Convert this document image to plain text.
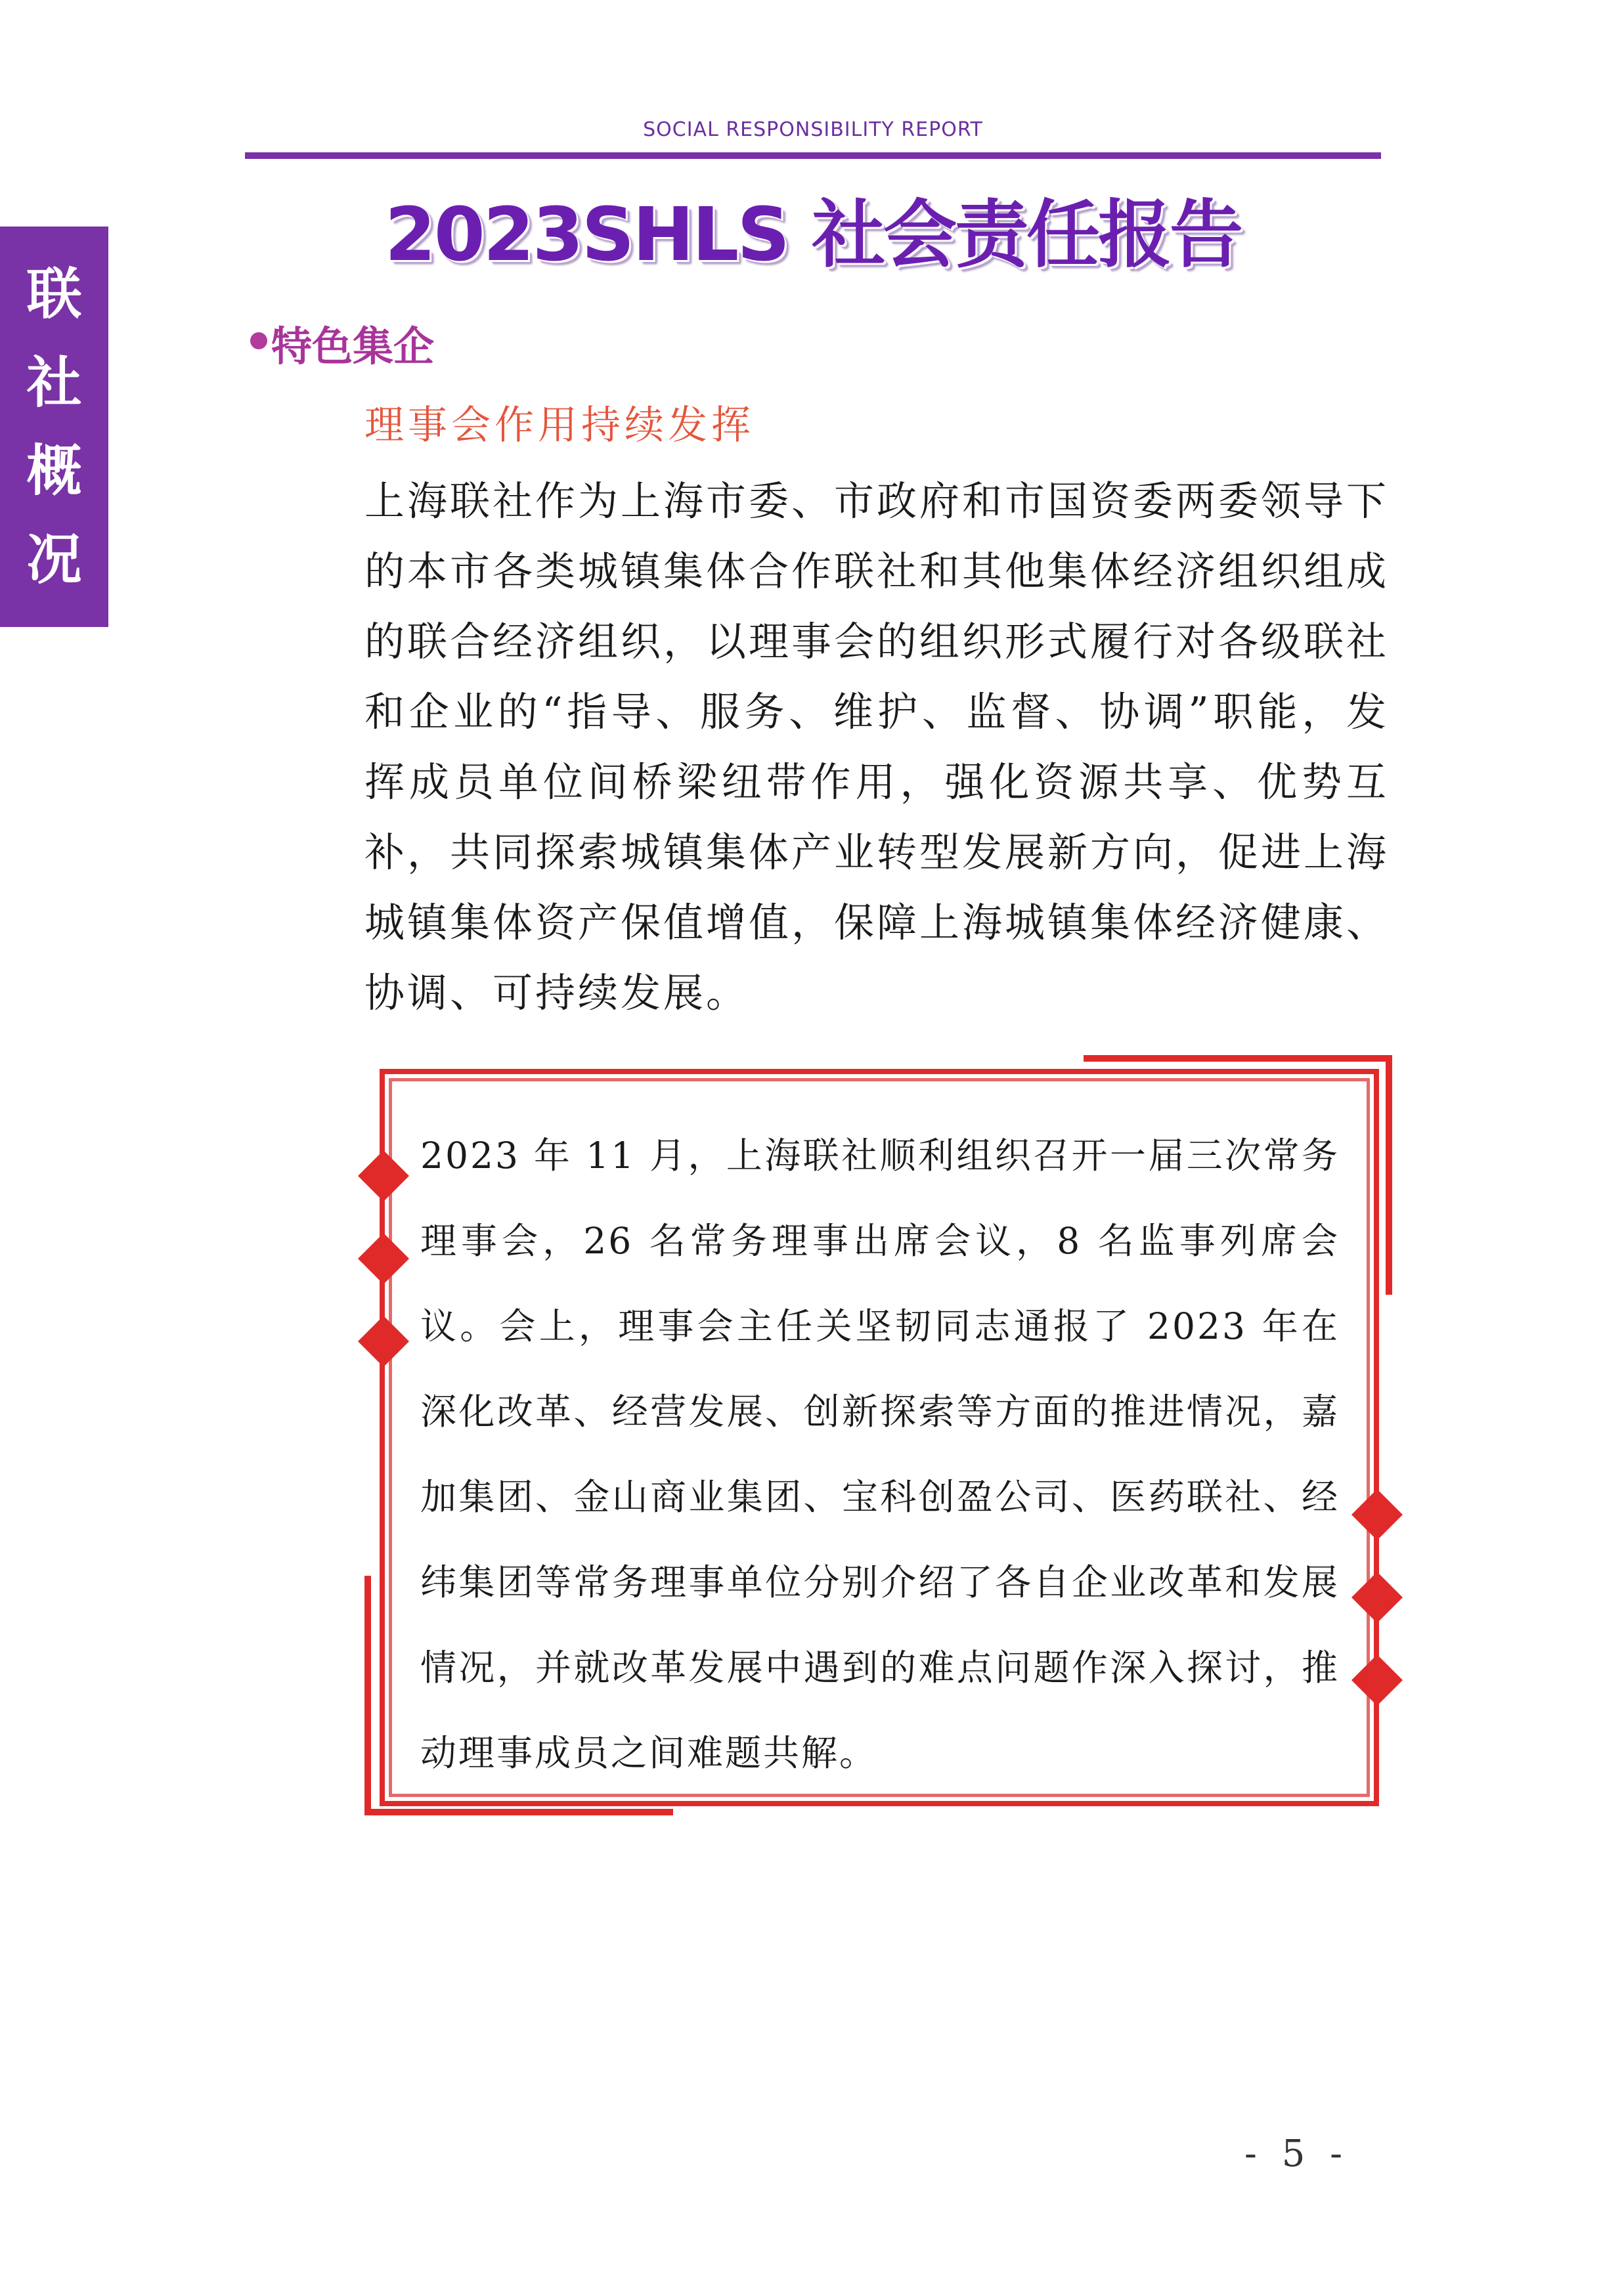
SOCIAL RESPONSIBILITY REPORT
2023SHLS 社会责任报告
联
社
概
况
特色集企
理事会作用持续发挥
上海联社作为上海市委、市政府和市国资委两委领导下的本市各类城镇集体合作联社和其他集体经济组织组成的联合经济组织，以理事会的组织形式履行对各级联社和企业的“指导、服务、维护、监督、协调”职能，发挥成员单位间桥梁纽带作用，强化资源共享、优势互补，共同探索城镇集体产业转型发展新方向，促进上海城镇集体资产保值增值，保障上海城镇集体经济健康、协调、可持续发展。
2023 年 11 月，上海联社顺利组织召开一届三次常务理事会，26 名常务理事出席会议，8 名监事列席会议。会上，理事会主任关坚韧同志通报了 2023 年在深化改革、经营发展、创新探索等方面的推进情况，嘉加集团、金山商业集团、宝科创盈公司、医药联社、经纬集团等常务理事单位分别介绍了各自企业改革和发展情况，并就改革发展中遇到的难点问题作深入探讨，推动理事成员之间难题共解。
- 5 -
